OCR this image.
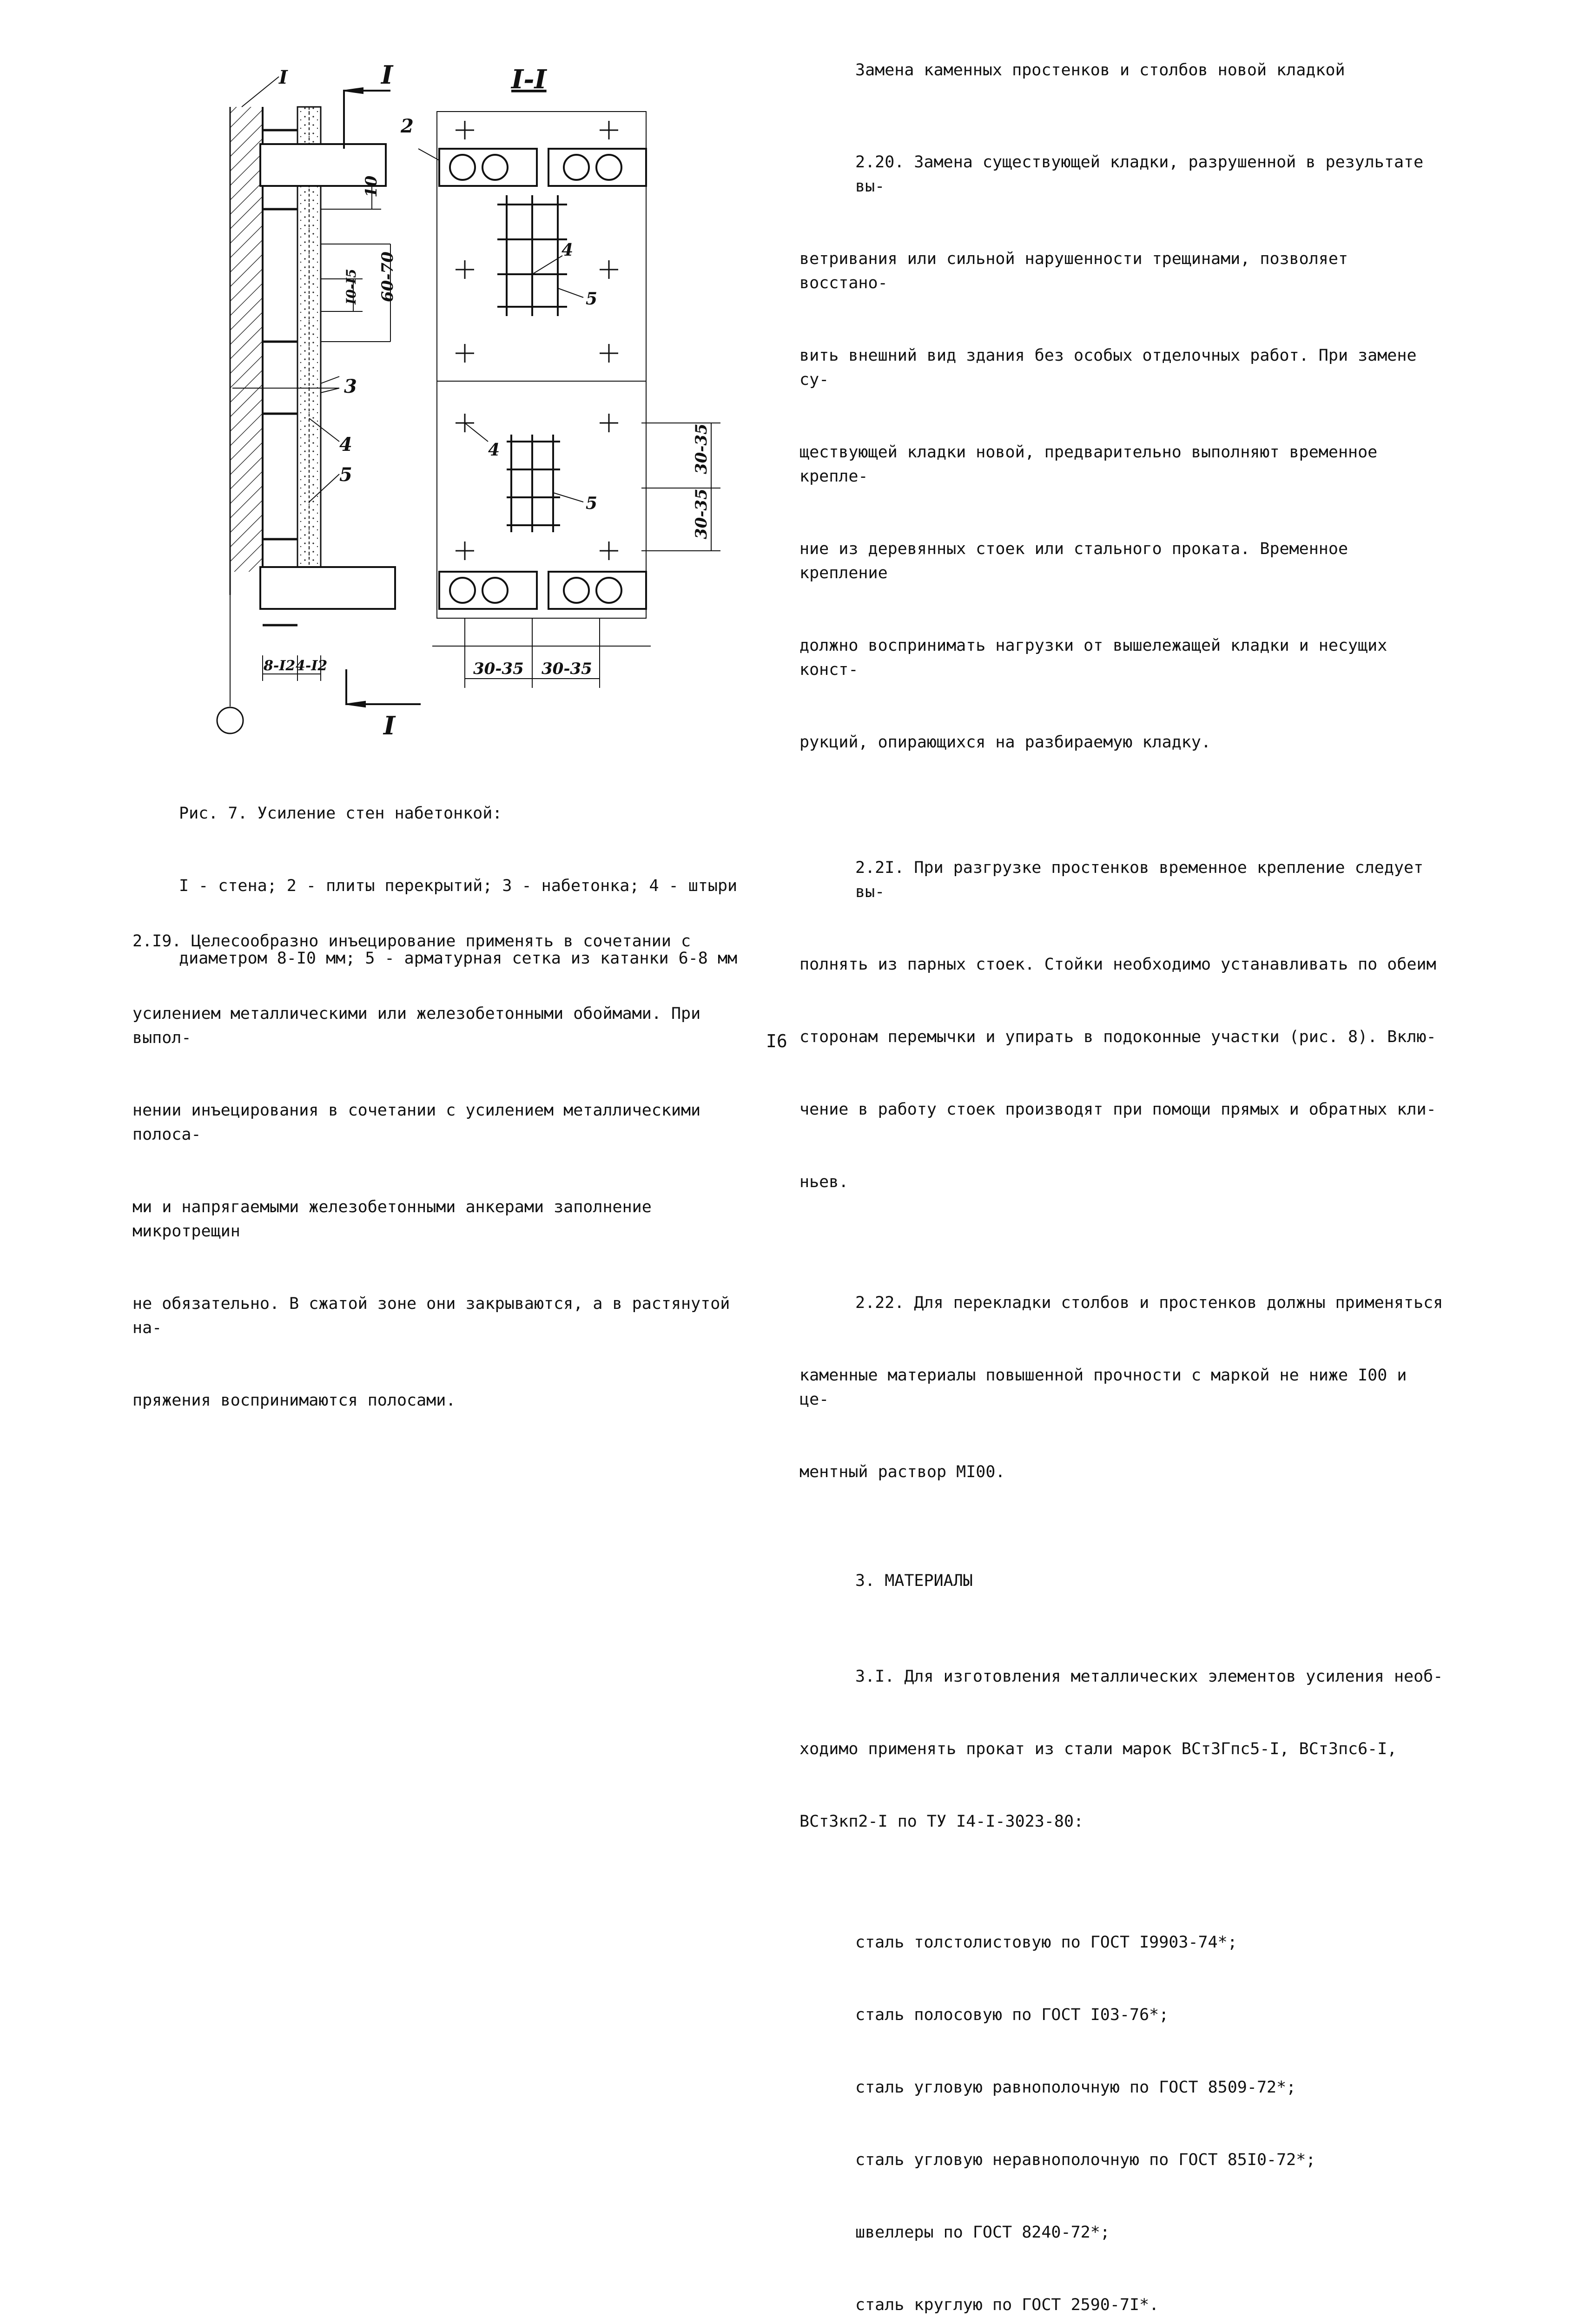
10
60-70
I0-I5
8-I2 4-I2
I
I
I
3
4
5
I-I
2
4
5
4
5
30-35
30-35
30-35 30-35

Рис. 7. Усиление стен набетонкой:

I - стена; 2 - плиты перекрытий; 3 - набетонка; 4 - штыри

диаметром 8-I0 мм; 5 - арматурная сетка из катанки 6-8 мм

2.I9. Целесообразно инъецирование применять в сочетании с

усилением металлическими или железобетонными обоймами. При выпол-

нении инъецирования в сочетании с усилением металлическими полоса-

ми и напрягаемыми железобетонными анкерами заполнение микротрещин

не обязательно. В сжатой зоне они закрываются, а в растянутой на-

пряжения воспринимаются полосами.

Замена каменных простенков и столбов новой кладкой

2.20. Замена существующей кладки, разрушенной в результате вы-

ветривания или сильной нарушенности трещинами, позволяет восстано-

вить внешний вид здания без особых отделочных работ. При замене су-

ществующей кладки новой, предварительно выполняют временное крепле-

ние из деревянных стоек или стального проката. Временное крепление

должно воспринимать нагрузки от вышележащей кладки и несущих конст-

рукций, опирающихся на разбираемую кладку.

2.2I. При разгрузке простенков временное крепление следует вы-

полнять из парных стоек. Стойки необходимо устанавливать по обеим

сторонам перемычки и упирать в подоконные участки (рис. 8). Вклю-

чение в работу стоек производят при помощи прямых и обратных кли-

ньев.

2.22. Для перекладки столбов и простенков должны применяться

каменные материалы повышенной прочности с маркой не ниже I00 и це-

ментный раствор МI00.

3. МАТЕРИАЛЫ

3.I. Для изготовления металлических элементов усиления необ-

ходимо применять прокат из стали марок ВСт3Гпс5-I, ВСт3пс6-I,

ВСт3кп2-I по ТУ I4-I-3023-80:

сталь толстолистовую по ГОСТ I9903-74*;

сталь полосовую по ГОСТ I03-76*;

сталь угловую равнополочную по ГОСТ 8509-72*;

сталь угловую неравнополочную по ГОСТ 85I0-72*;

швеллеры по ГОСТ 8240-72*;

сталь круглую по ГОСТ 2590-7I*.

I6
